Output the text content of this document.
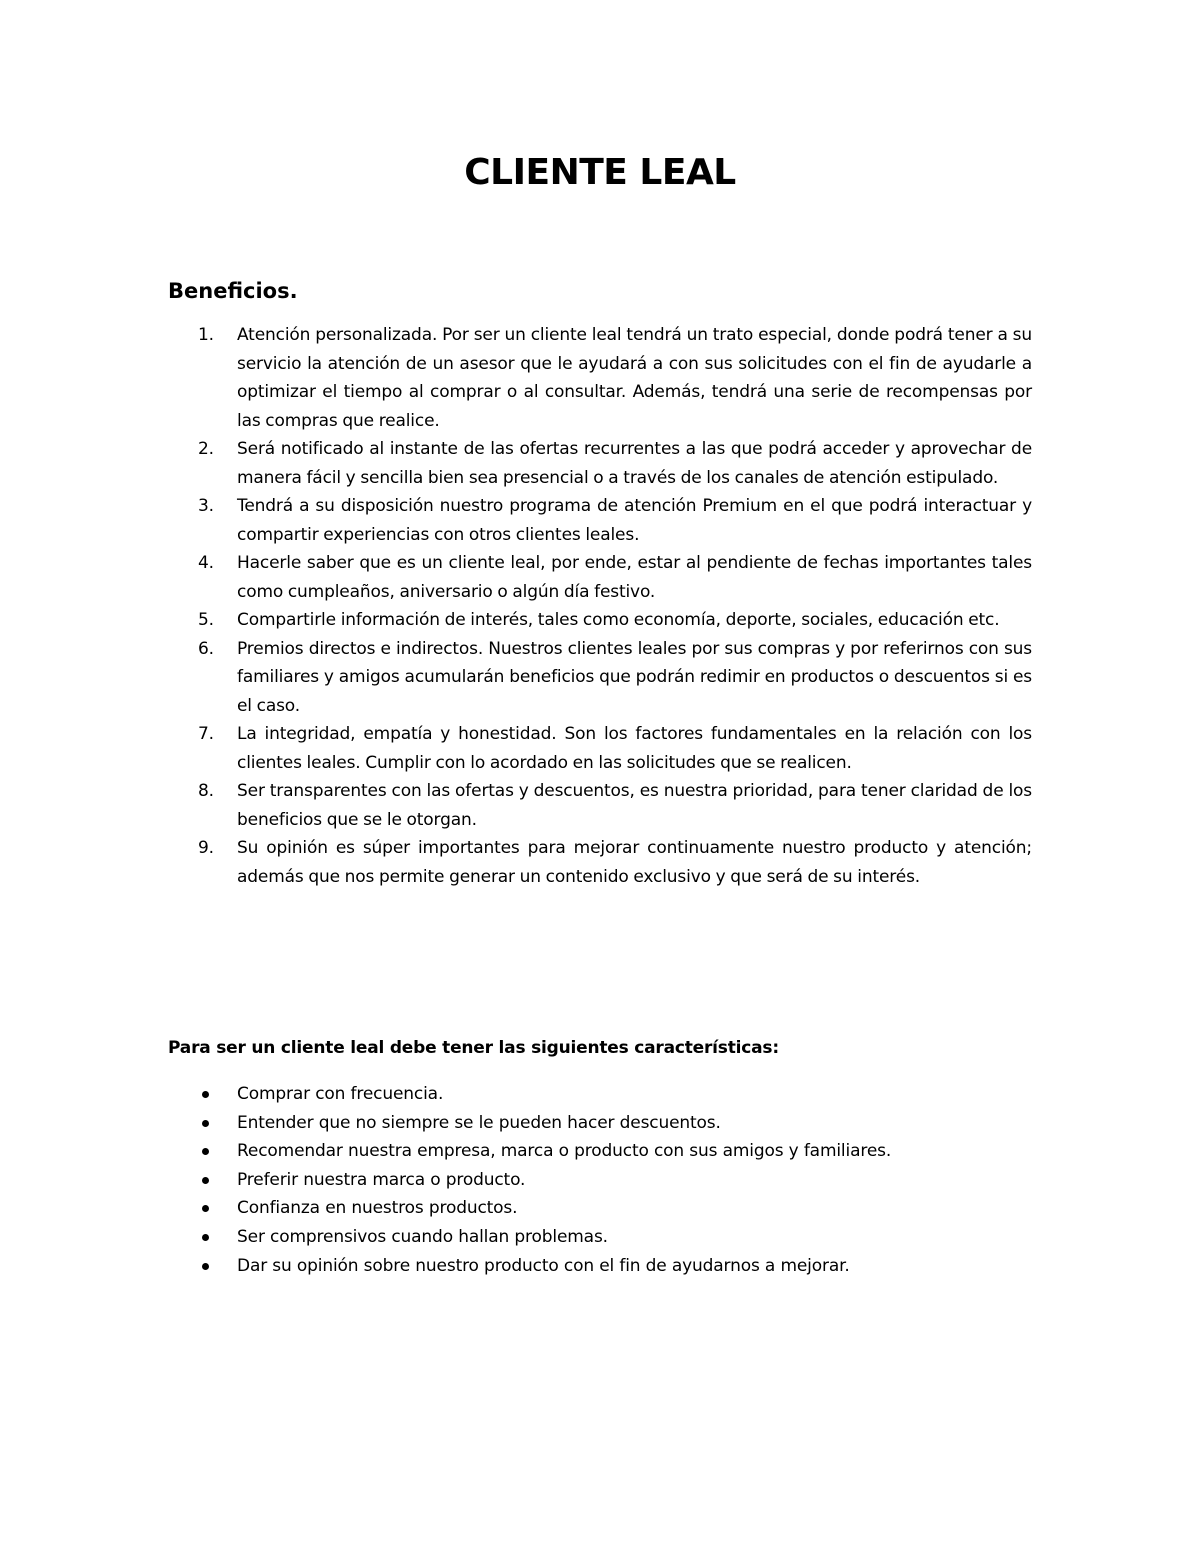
CLIENTE LEAL
Beneficios.
1. Atención personalizada. Por ser un cliente leal tendrá un trato especial, donde podrá tener a su servicio la atención de un asesor que le ayudará a con sus solicitudes con el fin de ayudarle a optimizar el tiempo al comprar o al consultar. Además, tendrá una serie de recompensas por las compras que realice.
2. Será notificado al instante de las ofertas recurrentes a las que podrá acceder y aprovechar de manera fácil y sencilla bien sea presencial o a través de los canales de atención estipulado.
3. Tendrá a su disposición nuestro programa de atención Premium en el que podrá interactuar y compartir experiencias con otros clientes leales.
4. Hacerle saber que es un cliente leal, por ende, estar al pendiente de fechas importantes tales como cumpleaños, aniversario o algún día festivo.
5. Compartirle información de interés, tales como economía, deporte, sociales, educación etc.
6. Premios directos e indirectos. Nuestros clientes leales por sus compras y por referirnos con sus familiares y amigos acumularán beneficios que podrán redimir en productos o descuentos si es el caso.
7. La integridad, empatía y honestidad. Son los factores fundamentales en la relación con los clientes leales. Cumplir con lo acordado en las solicitudes que se realicen.
8. Ser transparentes con las ofertas y descuentos, es nuestra prioridad, para tener claridad de los beneficios que se le otorgan.
9. Su opinión es súper importantes para mejorar continuamente nuestro producto y atención; además que nos permite generar un contenido exclusivo y que será de su interés.

Para ser un cliente leal debe tener las siguientes características:

Comprar con frecuencia.
Entender que no siempre se le pueden hacer descuentos.
Recomendar nuestra empresa, marca o producto con sus amigos y familiares.
Preferir nuestra marca o producto.
Confianza en nuestros productos.
Ser comprensivos cuando hallan problemas.
Dar su opinión sobre nuestro producto con el fin de ayudarnos a mejorar.
